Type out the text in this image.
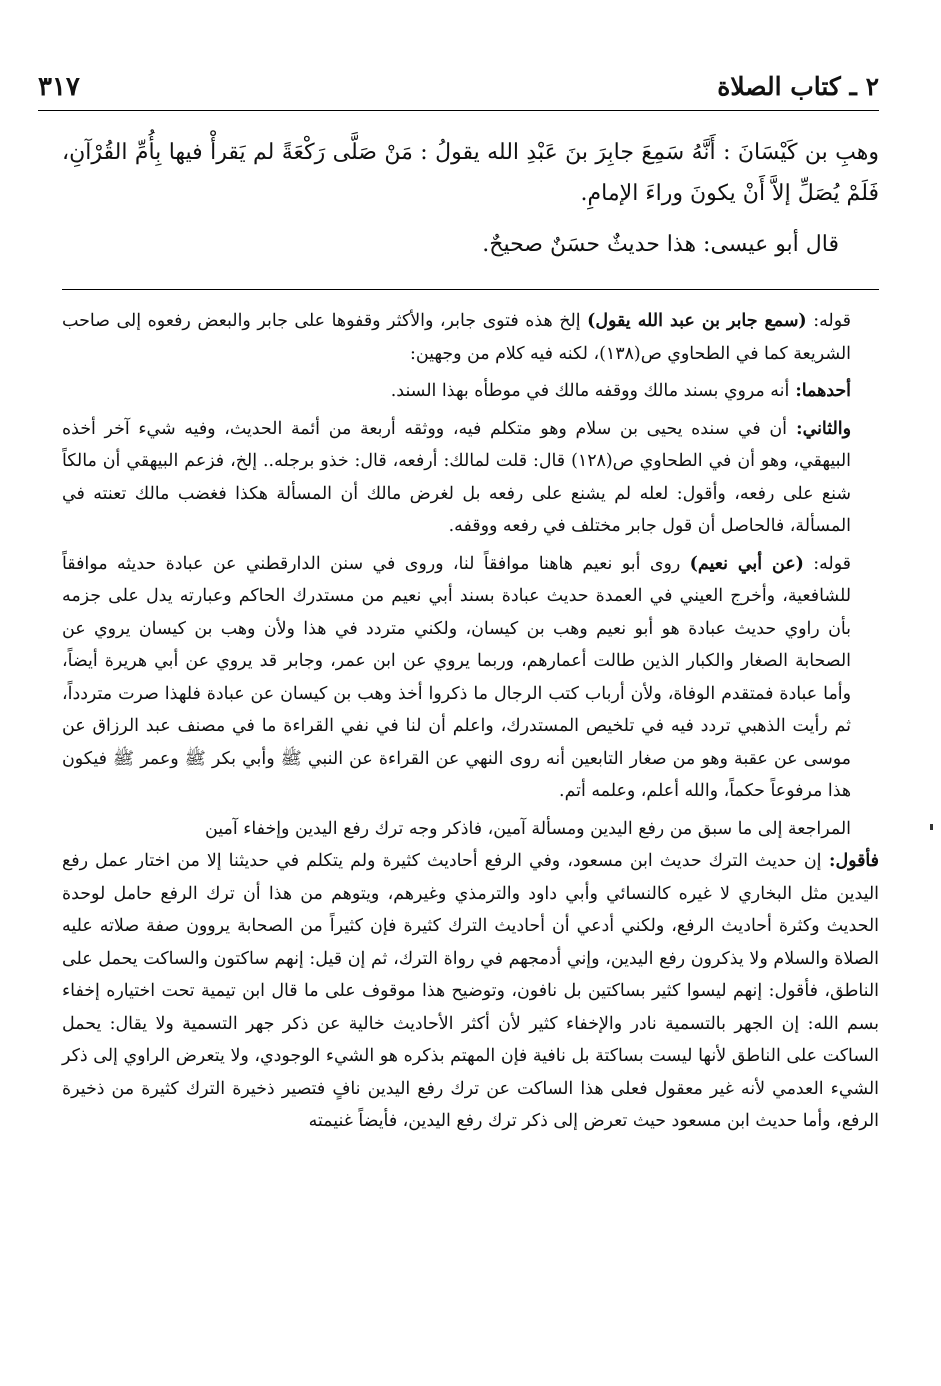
٣١٧	٢ ـ كتاب الصلاة

وهبِ بن كَيْسَانَ : أَنَّهُ سَمِعَ جابِرَ بنَ عَبْدِ الله يقولُ : مَنْ صَلَّى رَكْعَةً لم يَقرأْ فيها بِأُمِّ القُرْآنِ، فَلَمْ يُصَلِّ إلاَّ أَنْ يكونَ وراءَ الإمامِ.

قال أبو عيسى: هذا حديثٌ حسَنٌ صحيحٌ.

قوله: (سمع جابر بن عبد الله يقول) إلخ هذه فتوى جابر، والأكثر وقفوها على جابر والبعض رفعوه إلى صاحب الشريعة كما في الطحاوي ص(١٣٨)، لكنه فيه كلام من وجهين:

أحدهما: أنه مروي بسند مالك ووقفه مالك في موطأه بهذا السند.

والثاني: أن في سنده يحيى بن سلام وهو متكلم فيه، ووثقه أربعة من أئمة الحديث، وفيه شيء آخر أخذه البيهقي، وهو أن في الطحاوي ص(١٢٨) قال: قلت لمالك: أرفعه، قال: خذو برجله.. إلخ، فزعم البيهقي أن مالكاً شنع على رفعه، وأقول: لعله لم يشنع على رفعه بل لغرض مالك أن المسألة هكذا فغضب مالك تعنته في المسألة، فالحاصل أن قول جابر مختلف في رفعه ووقفه.

قوله: (عن أبي نعيم) روى أبو نعيم هاهنا موافقاً لنا، وروى في سنن الدارقطني عن عبادة حديثه موافقاً للشافعية، وأخرج العيني في العمدة حديث عبادة بسند أبي نعيم من مستدرك الحاكم وعبارته يدل على جزمه بأن راوي حديث عبادة هو أبو نعيم وهب بن كيسان، ولكني متردد في هذا ولأن وهب بن كيسان يروي عن الصحابة الصغار والكبار الذين طالت أعمارهم، وربما يروي عن ابن عمر، وجابر قد يروي عن أبي هريرة أيضاً، وأما عبادة فمتقدم الوفاة، ولأن أرباب كتب الرجال ما ذكروا أخذ وهب بن كيسان عن عبادة فلهذا صرت متردداً، ثم رأيت الذهبي تردد فيه في تلخيص المستدرك، واعلم أن لنا في نفي القراءة ما في مصنف عبد الرزاق عن موسى عن عقبة وهو من صغار التابعين أنه روى النهي عن القراءة عن النبي ﷺ وأبي بكر ﷺ وعمر ﷺ فيكون هذا مرفوعاً حكماً، والله أعلم، وعلمه أتم.

المراجعة إلى ما سبق من رفع اليدين ومسألة آمين، فاذكر وجه ترك رفع اليدين وإخفاء آمين

فأقول: إن حديث الترك حديث ابن مسعود، وفي الرفع أحاديث كثيرة ولم يتكلم في حديثنا إلا من اختار عمل رفع اليدين مثل البخاري لا غيره كالنسائي وأبي داود والترمذي وغيرهم، ويتوهم من هذا أن ترك الرفع حامل لوحدة الحديث وكثرة أحاديث الرفع، ولكني أدعي أن أحاديث الترك كثيرة فإن كثيراً من الصحابة يروون صفة صلاته عليه الصلاة والسلام ولا يذكرون رفع اليدين، وإني أدمجهم في رواة الترك، ثم إن قيل: إنهم ساكتون والساكت يحمل على الناطق، فأقول: إنهم ليسوا كثير بساكتين بل نافون، وتوضيح هذا موقوف على ما قال ابن تيمية تحت اختياره إخفاء بسم الله: إن الجهر بالتسمية نادر والإخفاء كثير لأن أكثر الأحاديث خالية عن ذكر جهر التسمية ولا يقال: يحمل الساكت على الناطق لأنها ليست بساكتة بل نافية فإن المهتم بذكره هو الشيء الوجودي، ولا يتعرض الراوي إلى ذكر الشيء العدمي لأنه غير معقول فعلى هذا الساكت عن ترك رفع اليدين نافٍ فتصير ذخيرة الترك كثيرة من ذخيرة الرفع، وأما حديث ابن مسعود حيث تعرض إلى ذكر ترك رفع اليدين، فأيضاً غنيمته
